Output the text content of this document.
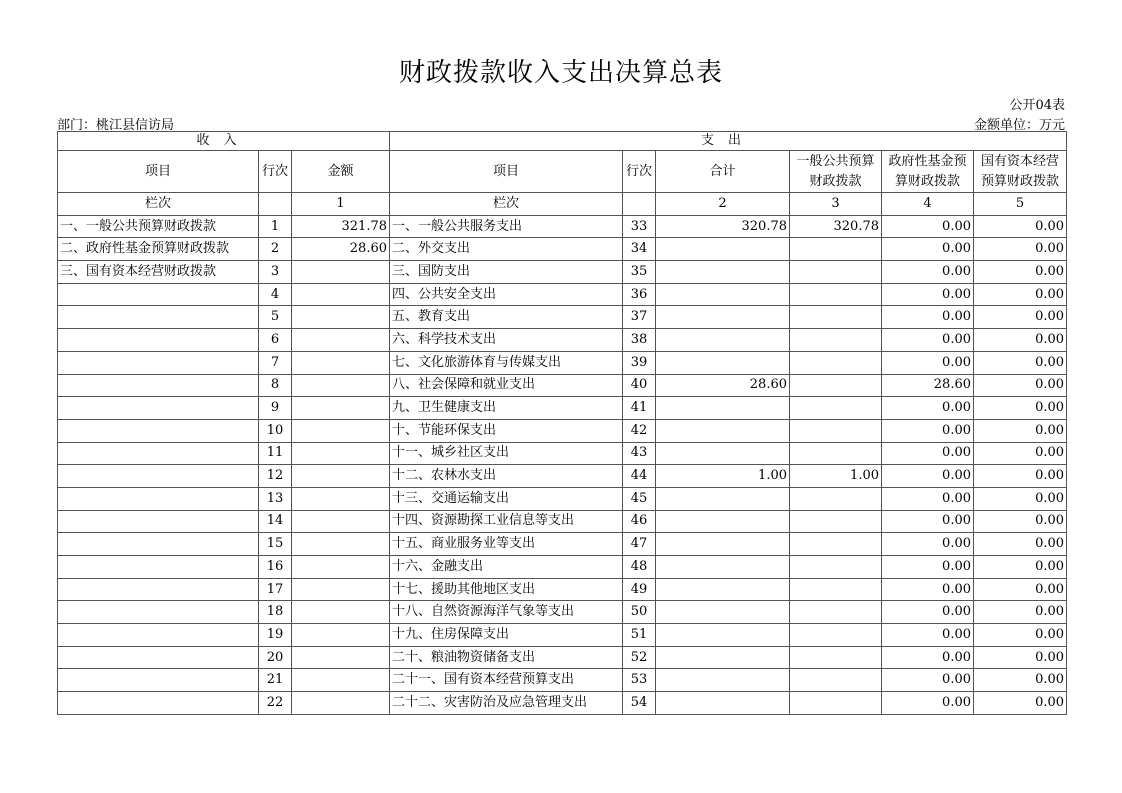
财政拨款收入支出决算总表
公开04表
部门：桃江县信访局	金额单位：万元
收入			支出					
项目	行次	金额	项目	行次	合计	一般公共预算财政拨款	政府性基金预算财政拨款	国有资本经营预算财政拨款
栏次		1	栏次		2	3	4	5
一、一般公共预算财政拨款	1	321.78	一、一般公共服务支出	33	320.78	320.78	0.00	0.00
二、政府性基金预算财政拨款	2	28.60	二、外交支出	34			0.00	0.00
三、国有资本经营财政拨款	3		三、国防支出	35			0.00	0.00
	4		四、公共安全支出	36			0.00	0.00
	5		五、教育支出	37			0.00	0.00
	6		六、科学技术支出	38			0.00	0.00
	7		七、文化旅游体育与传媒支出	39			0.00	0.00
	8		八、社会保障和就业支出	40	28.60		28.60	0.00
	9		九、卫生健康支出	41			0.00	0.00
	10		十、节能环保支出	42			0.00	0.00
	11		十一、城乡社区支出	43			0.00	0.00
	12		十二、农林水支出	44	1.00	1.00	0.00	0.00
	13		十三、交通运输支出	45			0.00	0.00
	14		十四、资源勘探工业信息等支出	46			0.00	0.00
	15		十五、商业服务业等支出	47			0.00	0.00
	16		十六、金融支出	48			0.00	0.00
	17		十七、援助其他地区支出	49			0.00	0.00
	18		十八、自然资源海洋气象等支出	50			0.00	0.00
	19		十九、住房保障支出	51			0.00	0.00
	20		二十、粮油物资储备支出	52			0.00	0.00
	21		二十一、国有资本经营预算支出	53			0.00	0.00
	22		二十二、灾害防治及应急管理支出	54			0.00	0.00
